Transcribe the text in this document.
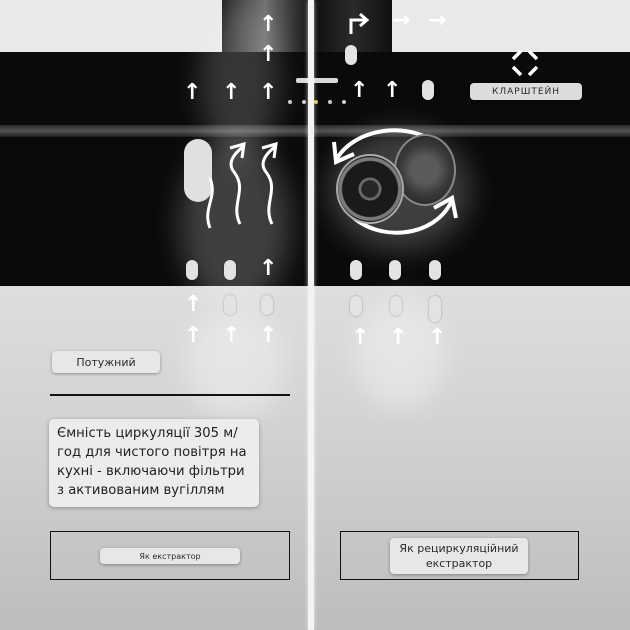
↑
↑
↑ ↑ ↑
↑
↑
↑ ↑ ↑
→ →
↑ ↑	КЛАРШТЕЙН
↑ ↑ ↑
Потужний
Ємність циркуляції 305 м/год для чистого повітря на кухні - включаючи фільтри з активованим вугіллям
Як екстрактор
Як рециркуляційний екстрактор
